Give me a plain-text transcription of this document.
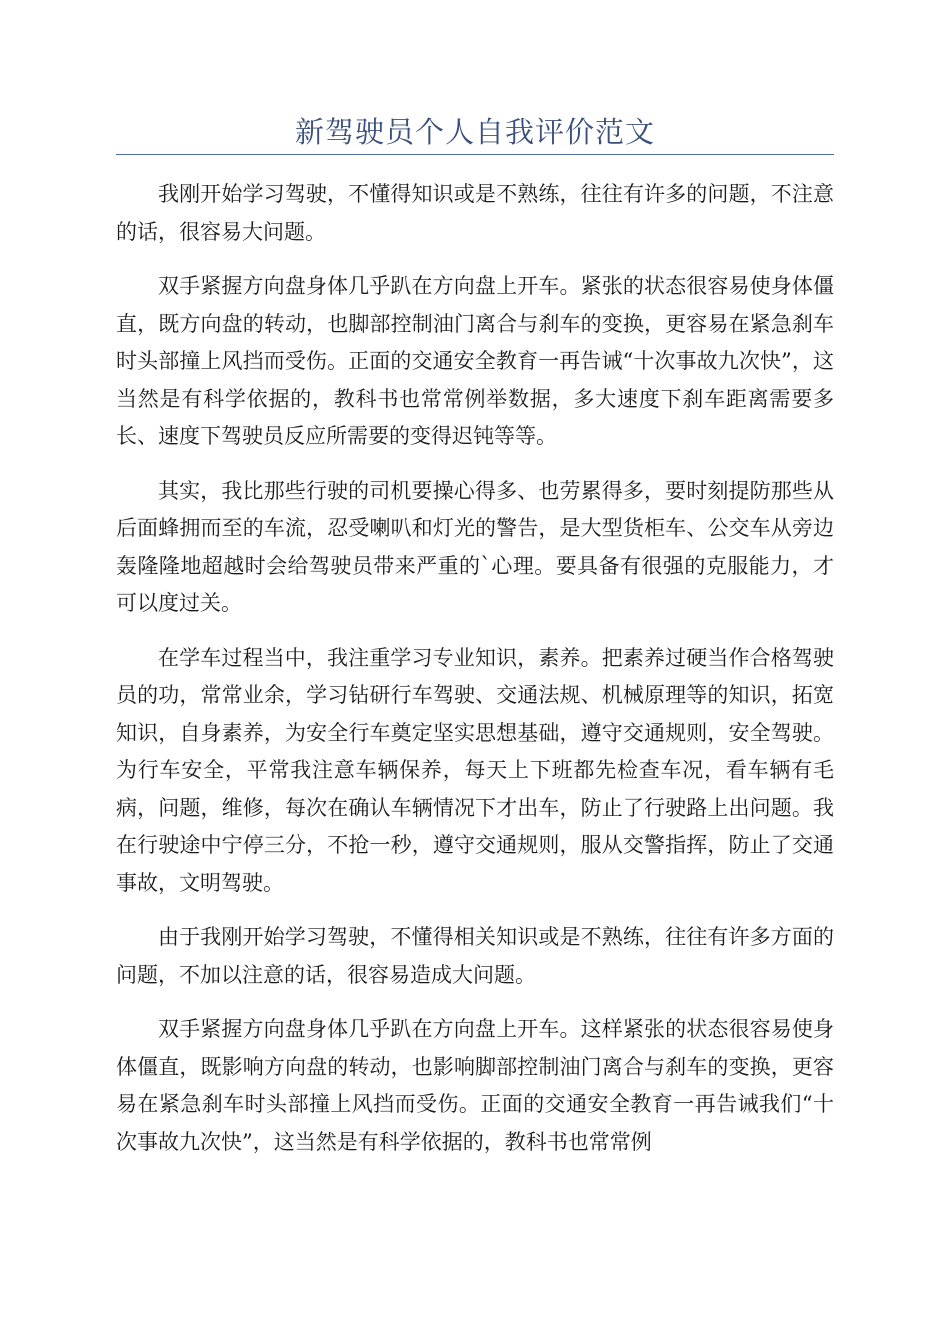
新驾驶员个人自我评价范文

我刚开始学习驾驶，不懂得知识或是不熟练，往往有许多的问题，不注意的话，很容易大问题。

双手紧握方向盘身体几乎趴在方向盘上开车。紧张的状态很容易使身体僵直，既方向盘的转动，也脚部控制油门离合与刹车的变换，更容易在紧急刹车时头部撞上风挡而受伤。正面的交通安全教育一再告诫“十次事故九次快”，这当然是有科学依据的，教科书也常常例举数据，多大速度下刹车距离需要多长、速度下驾驶员反应所需要的变得迟钝等等。

其实，我比那些行驶的司机要操心得多、也劳累得多，要时刻提防那些从后面蜂拥而至的车流，忍受喇叭和灯光的警告，是大型货柜车、公交车从旁边轰隆隆地超越时会给驾驶员带来严重的`心理。要具备有很强的克服能力，才可以度过关。

在学车过程当中，我注重学习专业知识，素养。把素养过硬当作合格驾驶员的功，常常业余，学习钻研行车驾驶、交通法规、机械原理等的知识，拓宽知识，自身素养，为安全行车奠定坚实思想基础，遵守交通规则，安全驾驶。为行车安全，平常我注意车辆保养，每天上下班都先检查车况，看车辆有毛病，问题，维修，每次在确认车辆情况下才出车，防止了行驶路上出问题。我在行驶途中宁停三分，不抢一秒，遵守交通规则，服从交警指挥，防止了交通事故，文明驾驶。

由于我刚开始学习驾驶，不懂得相关知识或是不熟练，往往有许多方面的问题，不加以注意的话，很容易造成大问题。

双手紧握方向盘身体几乎趴在方向盘上开车。这样紧张的状态很容易使身体僵直，既影响方向盘的转动，也影响脚部控制油门离合与刹车的变换，更容易在紧急刹车时头部撞上风挡而受伤。正面的交通安全教育一再告诫我们“十次事故九次快”，这当然是有科学依据的，教科书也常常例
